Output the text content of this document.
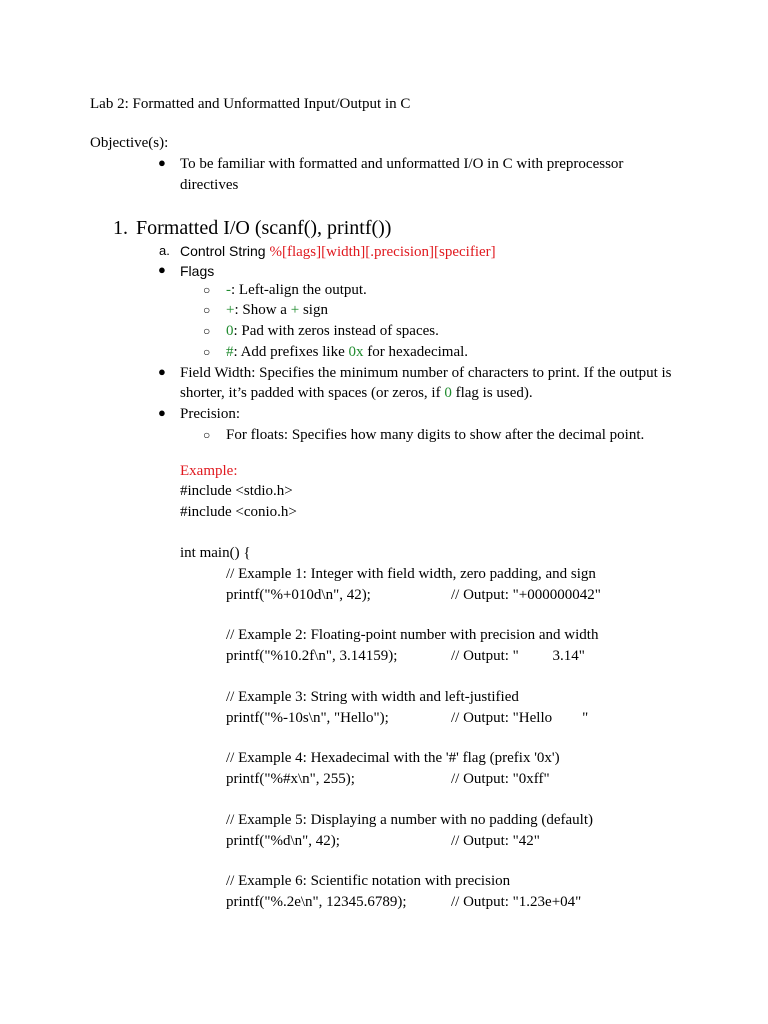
Lab 2: Formatted and Unformatted Input/Output in C
Objective(s):
● To be familiar with formatted and unformatted I/O in C with preprocessor
directives
1. Formatted I/O (scanf(), printf())
a. Control String %[flags][width][.precision][specifier]
● Flags
○ -: Left-align the output.
○ +: Show a + sign
○ 0: Pad with zeros instead of spaces.
○ #: Add prefixes like 0x for hexadecimal.
● Field Width: Specifies the minimum number of characters to print. If the output is
shorter, it’s padded with spaces (or zeros, if 0 flag is used).
● Precision:
○ For floats: Specifies how many digits to show after the decimal point.
Example:
#include <stdio.h>
#include <conio.h>
int main() {
// Example 1: Integer with field width, zero padding, and sign
printf("%+010d\n", 42);	// Output: "+000000042"
// Example 2: Floating-point number with precision and width
printf("%10.2f\n", 3.14159);	// Output: "         3.14"
// Example 3: String with width and left-justified
printf("%-10s\n", "Hello");	// Output: "Hello        "
// Example 4: Hexadecimal with the '#' flag (prefix '0x')
printf("%#x\n", 255);	// Output: "0xff"
// Example 5: Displaying a number with no padding (default)
printf("%d\n", 42);	// Output: "42"
// Example 6: Scientific notation with precision
printf("%.2e\n", 12345.6789);	// Output: "1.23e+04"
